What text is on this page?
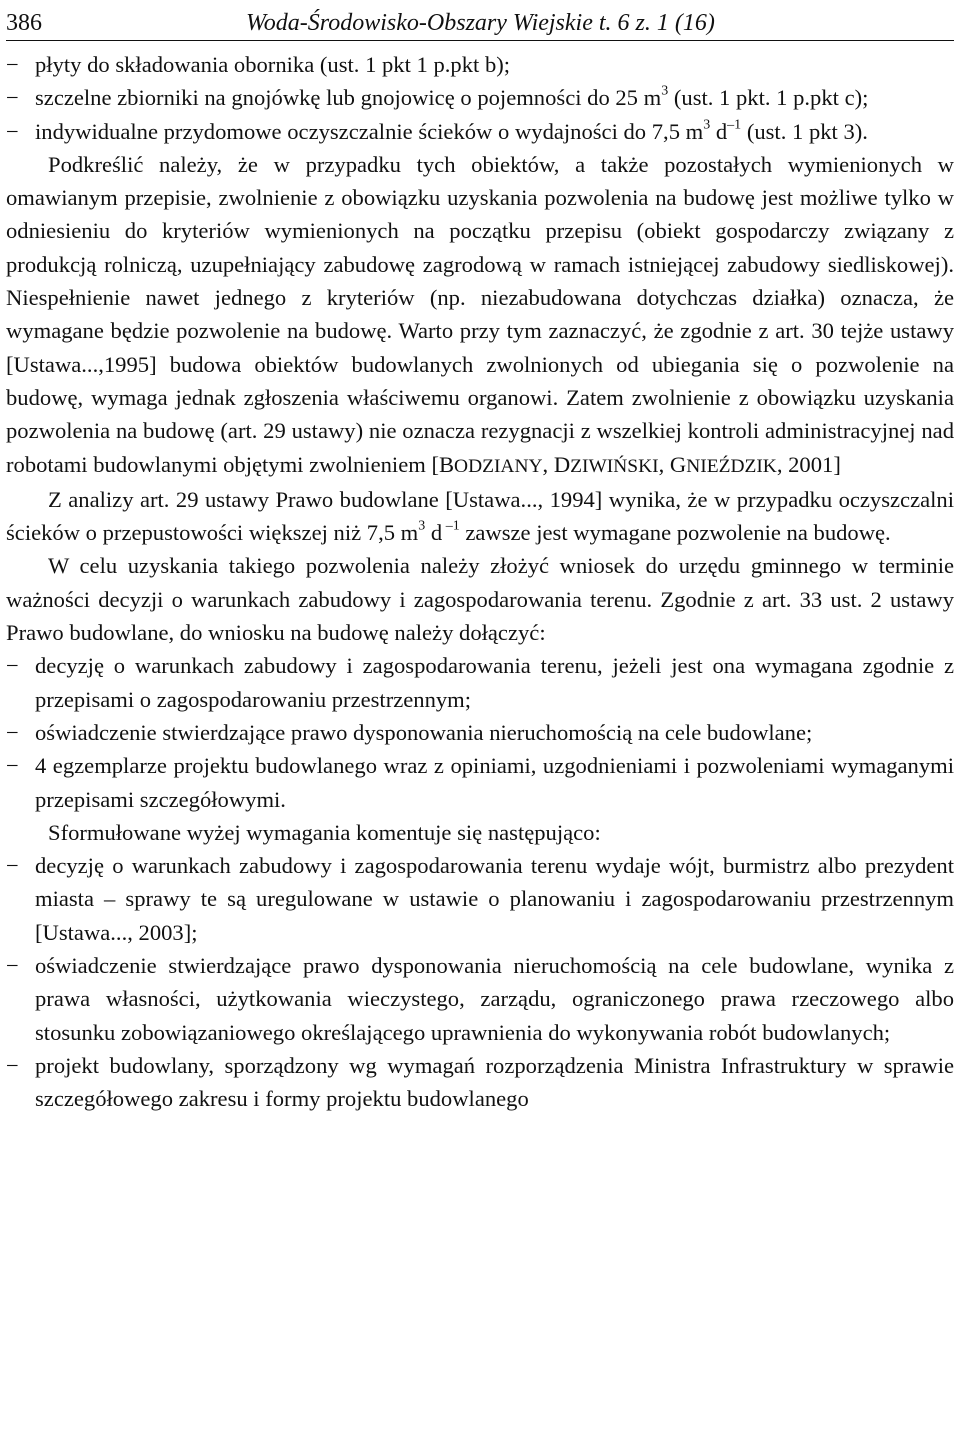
386	Woda-Środowisko-Obszary Wiejskie t. 6 z. 1 (16)
− płyty do składowania obornika (ust. 1 pkt 1 p.pkt b);
− szczelne zbiorniki na gnojówkę lub gnojowicę o pojemności do 25 $m^3$ (ust. 1 pkt. 1 p.pkt c);
− indywidualne przydomowe oczyszczalnie ścieków o wydajności do 7,5 $m^3$ $d^{-1}$ (ust. 1 pkt 3).

Podkreślić należy, że w przypadku tych obiektów, a także pozostałych wymienionych w omawianym przepisie, zwolnienie z obowiązku uzyskania pozwolenia na budowę jest możliwe tylko w odniesieniu do kryteriów wymienionych na początku przepisu (obiekt gospodarczy związany z produkcją rolniczą, uzupełniający zabudowę zagrodową w ramach istniejącej zabudowy siedliskowej). Niespełnienie nawet jednego z kryteriów (np. niezabudowana dotychczas działka) oznacza, że wymagane będzie pozwolenie na budowę. Warto przy tym zaznaczyć, że zgodnie z art. 30 tejże ustawy [Ustawa...,1995] budowa obiektów budowlanych zwolnionych od ubiegania się o pozwolenie na budowę, wymaga jednak zgłoszenia właściwemu organowi. Zatem zwolnienie z obowiązku uzyskania pozwolenia na budowę (art. 29 ustawy) nie oznacza rezygnacji z wszelkiej kontroli administracyjnej nad robotami budowlanymi objętymi zwolnieniem [BODZIANY, DZIWIŃSKI, GNIEŹDZIK, 2001]

Z analizy art. 29 ustawy Prawo budowlane [Ustawa..., 1994] wynika, że w przypadku oczyszczalni ścieków o przepustowości większej niż 7,5 $m^3$ d $^{-1}$ zawsze jest wymagane pozwolenie na budowę.

W celu uzyskania takiego pozwolenia należy złożyć wniosek do urzędu gminnego w terminie ważności decyzji o warunkach zabudowy i zagospodarowania terenu. Zgodnie z art. 33 ust. 2 ustawy Prawo budowlane, do wniosku na budowę należy dołączyć:

− decyzję o warunkach zabudowy i zagospodarowania terenu, jeżeli jest ona wymagana zgodnie z przepisami o zagospodarowaniu przestrzennym;
− oświadczenie stwierdzające prawo dysponowania nieruchomością na cele budowlane;
− 4 egzemplarze projektu budowlanego wraz z opiniami, uzgodnieniami i pozwoleniami wymaganymi przepisami szczegółowymi.

Sformułowane wyżej wymagania komentuje się następująco:

− decyzję o warunkach zabudowy i zagospodarowania terenu wydaje wójt, burmistrz albo prezydent miasta – sprawy te są uregulowane w ustawie o planowaniu i zagospodarowaniu przestrzennym [Ustawa..., 2003];
− oświadczenie stwierdzające prawo dysponowania nieruchomością na cele budowlane, wynika z prawa własności, użytkowania wieczystego, zarządu, ograniczonego prawa rzeczowego albo stosunku zobowiązaniowego określającego uprawnienia do wykonywania robót budowlanych;
− projekt budowlany, sporządzony wg wymagań rozporządzenia Ministra Infrastruktury w sprawie szczegółowego zakresu i formy projektu budowlanego
